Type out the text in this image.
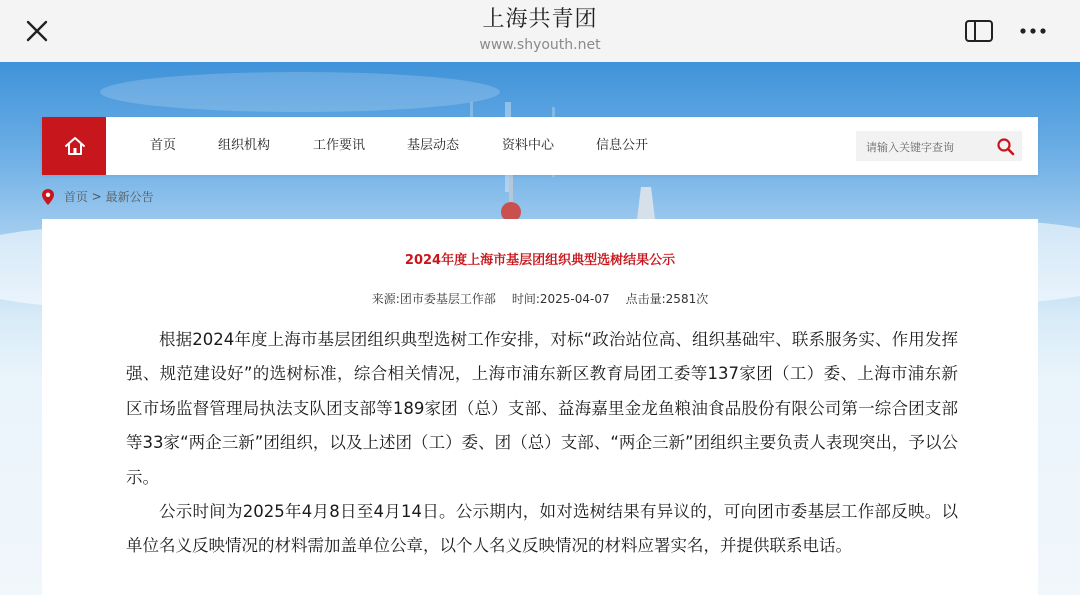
上海共青团
www.shyouth.net
首页	组织机构	工作要讯	基层动态	资料中心	信息公开
请输入关键字查询
首页 > 最新公告
2024年度上海市基层团组织典型选树结果公示
来源:团市委基层工作部 时间:2025-04-07 点击量:2581次

根据2024年度上海市基层团组织典型选树工作安排，对标“政治站位高、组织基础牢、联系服务实、作用发挥强、规范建设好”的选树标准，综合相关情况，上海市浦东新区教育局团工委等137家团（工）委、上海市浦东新区市场监督管理局执法支队团支部等189家团（总）支部、益海嘉里金龙鱼粮油食品股份有限公司第一综合团支部等33家“两企三新”团组织，以及上述团（工）委、团（总）支部、“两企三新”团组织主要负责人表现突出，予以公示。

公示时间为2025年4月8日至4月14日。公示期内，如对选树结果有异议的，可向团市委基层工作部反映。以单位名义反映情况的材料需加盖单位公章，以个人名义反映情况的材料应署实名，并提供联系电话。
